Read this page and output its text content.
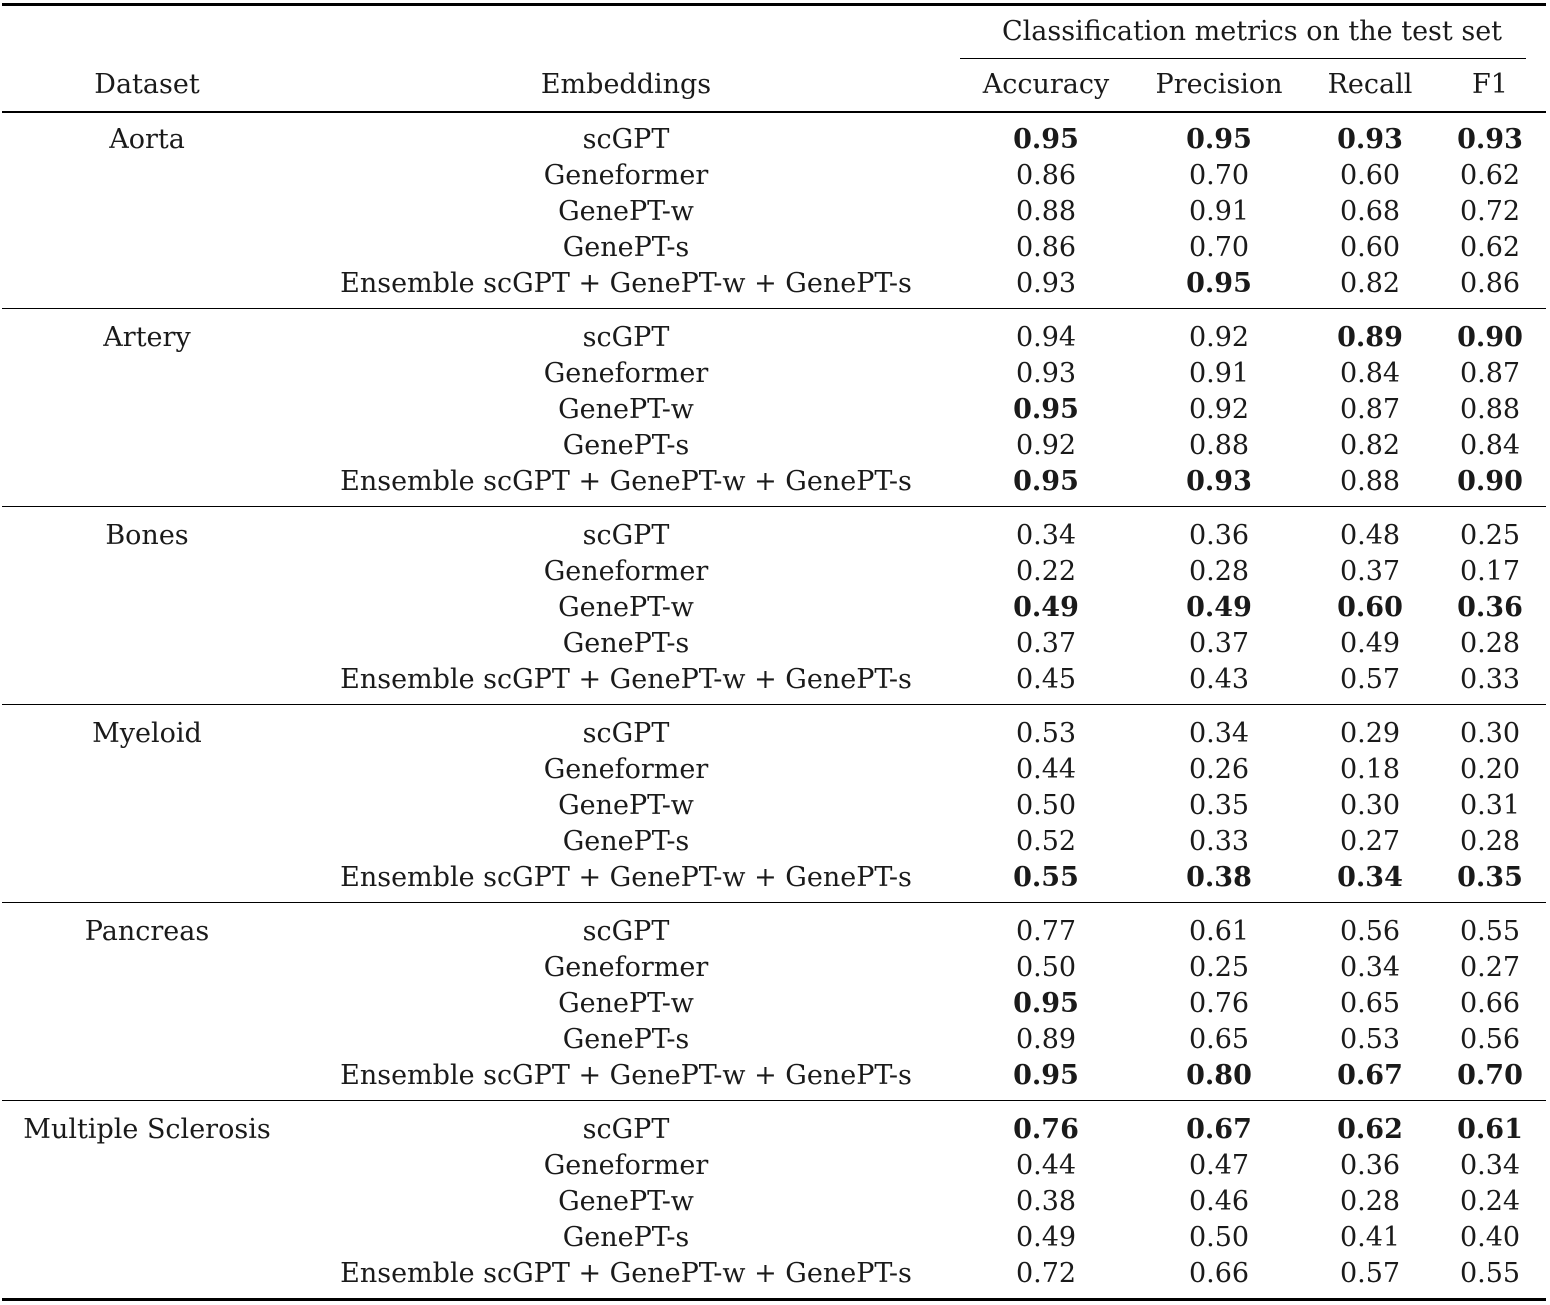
Classification metrics on the test set
Dataset	Embeddings	Accuracy Precision Recall F1
Aorta	scGPT	0.95	0.95	0.93 0.93
Geneformer	0.86	0.70	0.60 0.62
GenePT-w	0.88	0.91	0.68 0.72
GenePT-s	0.86	0.70	0.60 0.62
Ensemble scGPT + GenePT-w + GenePT-s	0.93	0.95	0.82 0.86
Artery	scGPT	0.94	0.92	0.89 0.90
Geneformer	0.93	0.91	0.84 0.87
GenePT-w	0.95	0.92	0.87 0.88
GenePT-s	0.92	0.88	0.82 0.84
Ensemble scGPT + GenePT-w + GenePT-s	0.95	0.93	0.88 0.90
Bones	scGPT	0.34	0.36	0.48 0.25
Geneformer	0.22	0.28	0.37 0.17
GenePT-w	0.49	0.49	0.60 0.36
GenePT-s	0.37	0.37	0.49 0.28
Ensemble scGPT + GenePT-w + GenePT-s	0.45	0.43	0.57 0.33
Myeloid	scGPT	0.53	0.34	0.29 0.30
Geneformer	0.44	0.26	0.18 0.20
GenePT-w	0.50	0.35	0.30 0.31
GenePT-s	0.52	0.33	0.27 0.28
Ensemble scGPT + GenePT-w + GenePT-s	0.55	0.38	0.34 0.35
Pancreas	scGPT	0.77	0.61	0.56 0.55
Geneformer	0.50	0.25	0.34 0.27
GenePT-w	0.95	0.76	0.65 0.66
GenePT-s	0.89	0.65	0.53 0.56
Ensemble scGPT + GenePT-w + GenePT-s	0.95	0.80	0.67 0.70
Multiple Sclerosis	scGPT	0.76	0.67	0.62 0.61
Geneformer	0.44	0.47	0.36 0.34
GenePT-w	0.38	0.46	0.28 0.24
GenePT-s	0.49	0.50	0.41 0.40
Ensemble scGPT + GenePT-w + GenePT-s	0.72	0.66	0.57 0.55
